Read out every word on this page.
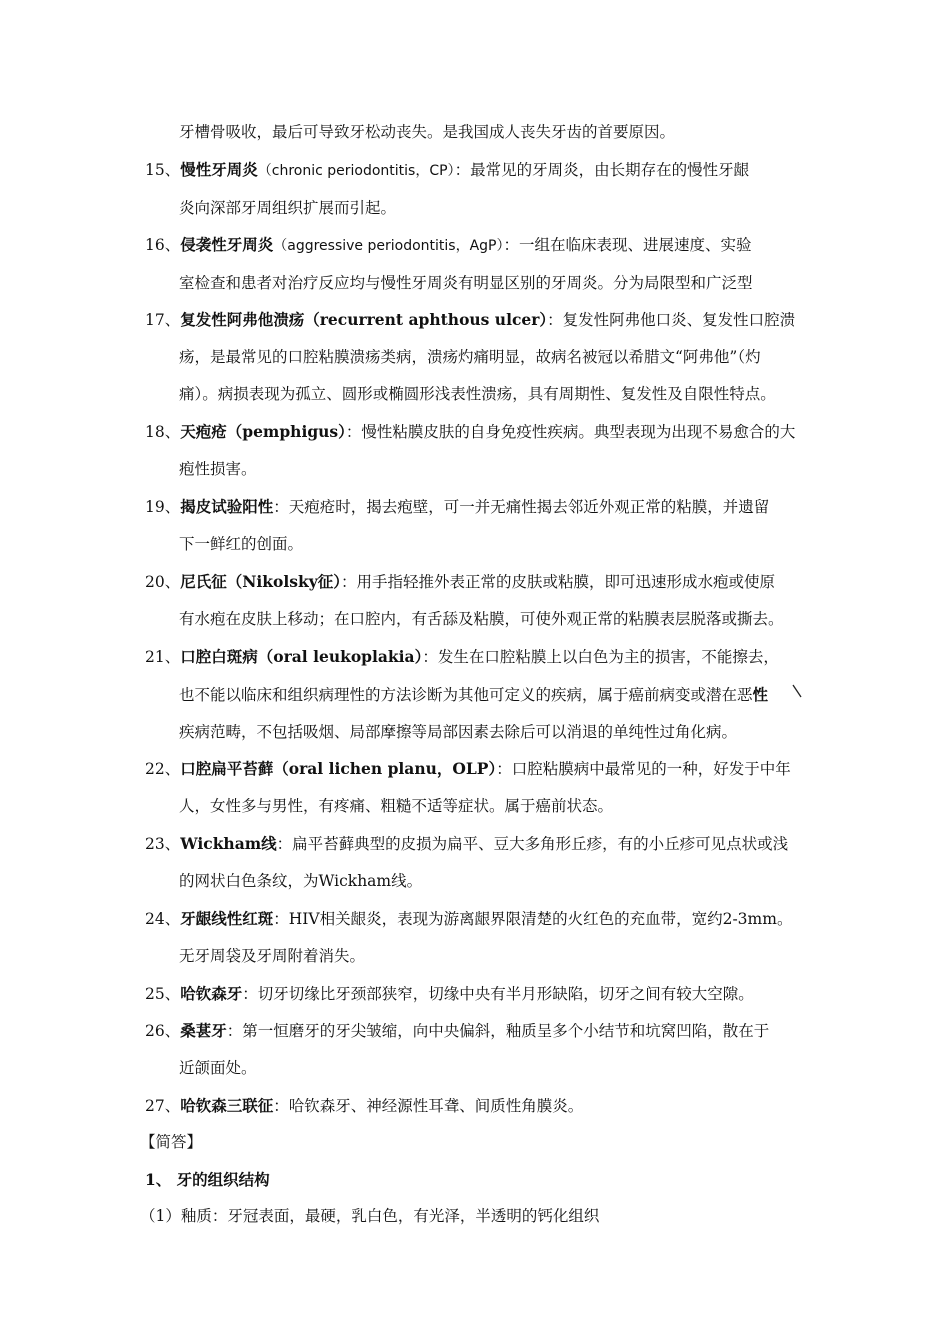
牙槽骨吸收，最后可导致牙松动丧失。是我国成人丧失牙齿的首要原因。
15、慢性牙周炎（chronic periodontitis，CP）：最常见的牙周炎，由长期存在的慢性牙龈
炎向深部牙周组织扩展而引起。
16、侵袭性牙周炎（aggressive periodontitis，AgP）：一组在临床表现、进展速度、实验
室检查和患者对治疗反应均与慢性牙周炎有明显区别的牙周炎。分为局限型和广泛型
17、复发性阿弗他溃疡（recurrent aphthous ulcer）：复发性阿弗他口炎、复发性口腔溃
疡，是最常见的口腔粘膜溃疡类病，溃疡灼痛明显，故病名被冠以希腊文“阿弗他”（灼
痛）。病损表现为孤立、圆形或椭圆形浅表性溃疡，具有周期性、复发性及自限性特点。
18、天疱疮（pemphigus）：慢性粘膜皮肤的自身免疫性疾病。典型表现为出现不易愈合的大
疱性损害。
19、揭皮试验阳性：天疱疮时，揭去疱壁，可一并无痛性揭去邻近外观正常的粘膜，并遗留
下一鲜红的创面。
20、尼氏征（Nikolsky征）：用手指轻推外表正常的皮肤或粘膜，即可迅速形成水疱或使原
有水疱在皮肤上移动；在口腔内，有舌舔及粘膜，可使外观正常的粘膜表层脱落或撕去。
21、口腔白斑病（oral leukoplakia）：发生在口腔粘膜上以白色为主的损害，不能擦去，
也不能以临床和组织病理性的方法诊断为其他可定义的疾病，属于癌前病变或潜在恶性
疾病范畴，不包括吸烟、局部摩擦等局部因素去除后可以消退的单纯性过角化病。
22、口腔扁平苔藓（oral lichen planu，OLP）：口腔粘膜病中最常见的一种，好发于中年
人，女性多与男性，有疼痛、粗糙不适等症状。属于癌前状态。
23、Wickham线：扁平苔藓典型的皮损为扁平、豆大多角形丘疹，有的小丘疹可见点状或浅
的网状白色条纹，为Wickham线。
24、牙龈线性红斑：HIV相关龈炎，表现为游离龈界限清楚的火红色的充血带，宽约2-3mm。
无牙周袋及牙周附着消失。
25、哈钦森牙：切牙切缘比牙颈部狭窄，切缘中央有半月形缺陷，切牙之间有较大空隙。
26、桑葚牙：第一恒磨牙的牙尖皱缩，向中央偏斜，釉质呈多个小结节和坑窝凹陷，散在于
近颌面处。
27、哈钦森三联征：哈钦森牙、神经源性耳聋、间质性角膜炎。
【简答】
1、 牙的组织结构
（1）釉质：牙冠表面，最硬，乳白色，有光泽，半透明的钙化组织
